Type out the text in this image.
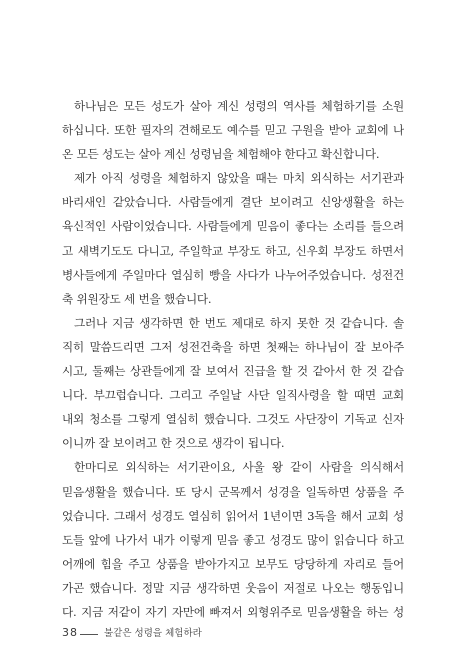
하나님은 모든 성도가 살아 계신 성령의 역사를 체험하기를 소원
하십니다. 또한 필자의 견해로도 예수를 믿고 구원을 받아 교회에 나
온 모든 성도는 살아 계신 성령님을 체험해야 한다고 확신합니다.
제가 아직 성령을 체험하지 않았을 때는 마치 외식하는 서기관과
바리새인 같았습니다. 사람들에게 결단 보이려고 신앙생활을 하는
육신적인 사람이었습니다. 사람들에게 믿음이 좋다는 소리를 들으려
고 새벽기도도 다니고, 주일학교 부장도 하고, 신우회 부장도 하면서
병사들에게 주일마다 열심히 빵을 사다가 나누어주었습니다. 성전건
축 위원장도 세 번을 했습니다.
그러나 지금 생각하면 한 번도 제대로 하지 못한 것 같습니다. 솔
직히 말씀드리면 그저 성전건축을 하면 첫째는 하나님이 잘 보아주
시고, 둘째는 상관들에게 잘 보여서 진급을 할 것 같아서 한 것 같습
니다. 부끄럽습니다. 그리고 주일날 사단 일직사령을 할 때면 교회
내외 청소를 그렇게 열심히 했습니다. 그것도 사단장이 기독교 신자
이니까 잘 보이려고 한 것으로 생각이 됩니다.
한마디로 외식하는 서기관이요, 사울 왕 같이 사람을 의식해서
믿음생활을 했습니다. 또 당시 군목께서 성경을 일독하면 상품을 주
었습니다. 그래서 성경도 열심히 읽어서 1년이면 3독을 해서 교회 성
도들 앞에 나가서 내가 이렇게 믿음 좋고 성경도 많이 읽습니다 하고
어깨에 힘을 주고 상품을 받아가지고 보무도 당당하게 자리로 들어
가곤 했습니다. 정말 지금 생각하면 웃음이 저절로 나오는 행동입니
다. 지금 저같이 자기 자만에 빠져서 외형위주로 믿음생활을 하는 성
38	불같은 성령을 체험하라
